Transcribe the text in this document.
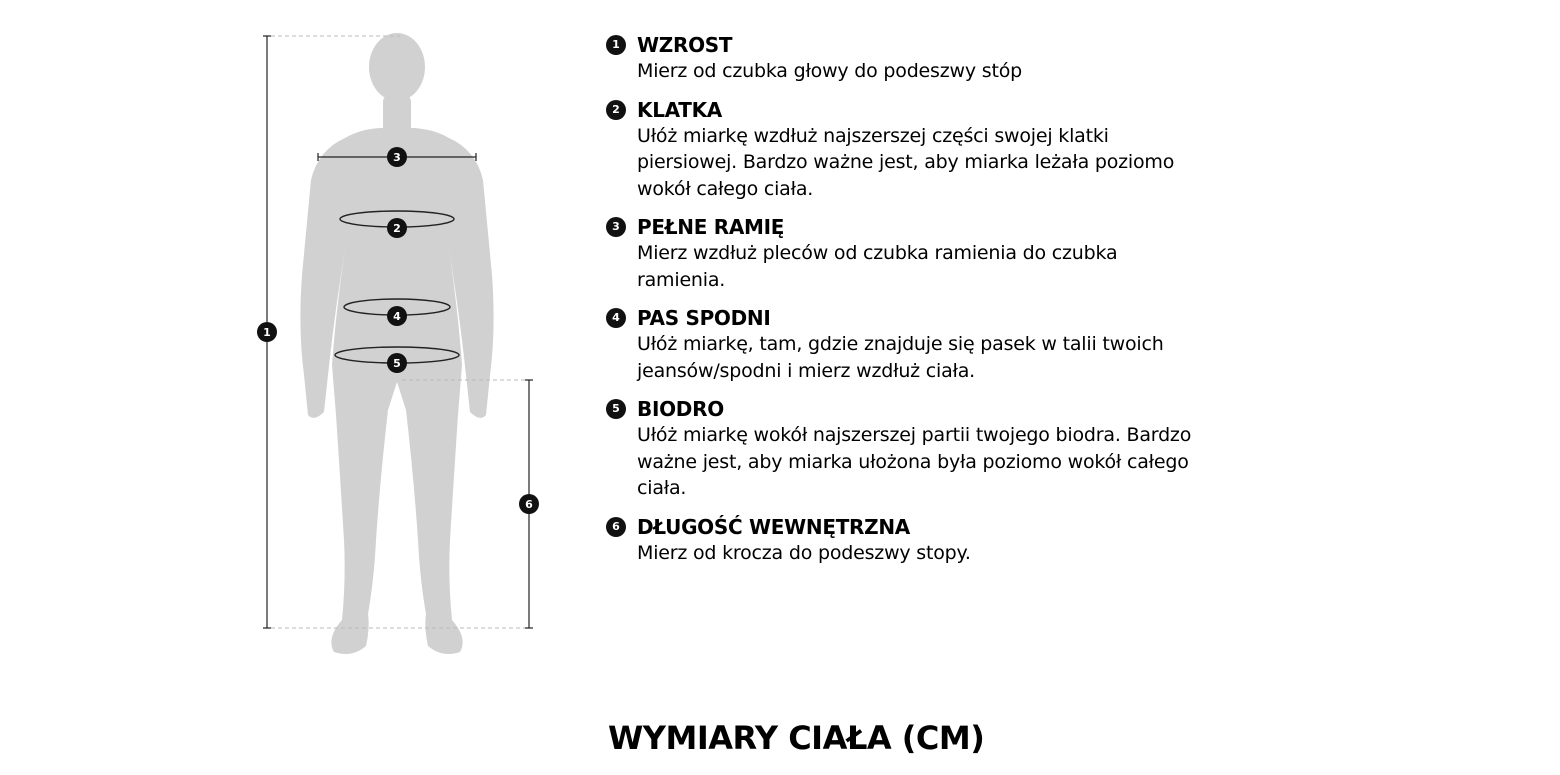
1
2
3
4
5
6
1 WZROST
Mierz od czubka głowy do podeszwy stóp
2 KLATKA
Ułóż miarkę wzdłuż najszerszej części swojej klatki piersiowej. Bardzo ważne jest, aby miarka leżała poziomo wokół całego ciała.
3 PEŁNE RAMIĘ
Mierz wzdłuż pleców od czubka ramienia do czubka ramienia.
4 PAS SPODNI
Ułóż miarkę, tam, gdzie znajduje się pasek w talii twoich jeansów/spodni i mierz wzdłuż ciała.
5 BIODRO
Ułóż miarkę wokół najszerszej partii twojego biodra. Bardzo ważne jest, aby miarka ułożona była poziomo wokół całego ciała.
6 DŁUGOŚĆ WEWNĘTRZNA
Mierz od krocza do podeszwy stopy.
WYMIARY CIAŁA (CM)
